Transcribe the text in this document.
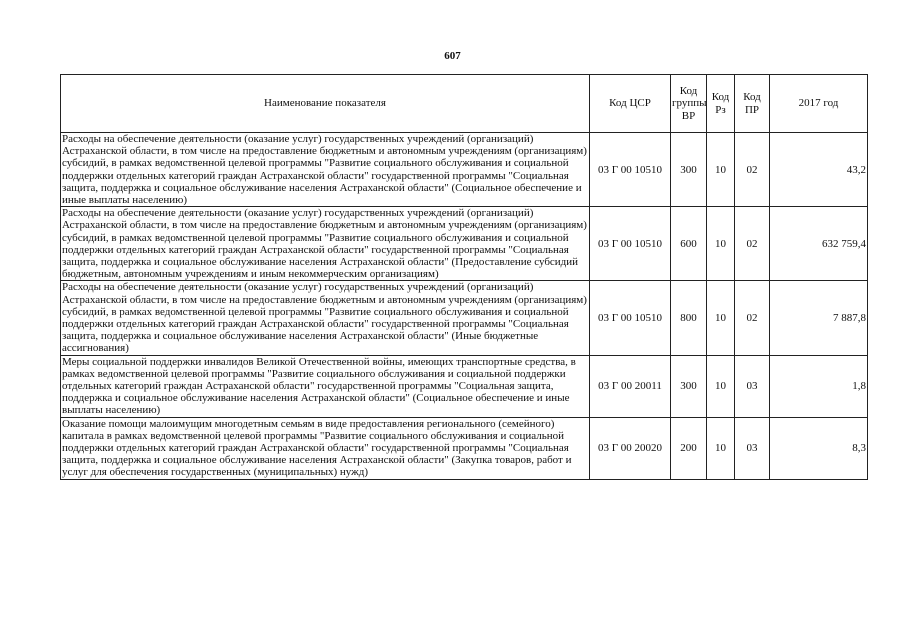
607
Наименование показателя	Код ЦСР	Код группы ВР	Код Рз	Код ПР	2017 год
Расходы на обеспечение деятельности (оказание услуг) государственных учреждений (организаций) Астраханской области, в том числе на предоставление бюджетным и автономным учреждениям (организациям) субсидий, в рамках ведомственной целевой программы "Развитие социального обслуживания и социальной поддержки отдельных категорий граждан Астраханской области" государственной программы "Социальная защита, поддержка и социальное обслуживание населения Астраханской области" (Социальное обеспечение и иные выплаты населению)	03 Г 00 10510	300	10	02	43,2
Расходы на обеспечение деятельности (оказание услуг) государственных учреждений (организаций) Астраханской области, в том числе на предоставление бюджетным и автономным учреждениям (организациям) субсидий, в рамках ведомственной целевой программы "Развитие социального обслуживания и социальной поддержки отдельных категорий граждан Астраханской области" государственной программы "Социальная защита, поддержка и социальное обслуживание населения Астраханской области" (Предоставление субсидий бюджетным, автономным учреждениям и иным некоммерческим организациям)	03 Г 00 10510	600	10	02	632 759,4
Расходы на обеспечение деятельности (оказание услуг) государственных учреждений (организаций) Астраханской области, в том числе на предоставление бюджетным и автономным учреждениям (организациям) субсидий, в рамках ведомственной целевой программы "Развитие социального обслуживания и социальной поддержки отдельных категорий граждан Астраханской области" государственной программы "Социальная защита, поддержка и социальное обслуживание населения Астраханской области" (Иные бюджетные ассигнования)	03 Г 00 10510	800	10	02	7 887,8
Меры социальной поддержки инвалидов Великой Отечественной войны, имеющих транспортные средства, в рамках ведомственной целевой программы "Развитие социального обслуживания и социальной поддержки отдельных категорий граждан Астраханской области" государственной программы "Социальная защита, поддержка и социальное обслуживание населения Астраханской области" (Социальное обеспечение и иные выплаты населению)	03 Г 00 20011	300	10	03	1,8
Оказание помощи малоимущим многодетным семьям в виде предоставления регионального (семейного) капитала в рамках ведомственной целевой программы "Развитие социального обслуживания и социальной поддержки отдельных категорий граждан Астраханской области" государственной программы "Социальная защита, поддержка и социальное обслуживание населения Астраханской области" (Закупка товаров, работ и услуг для обеспечения государственных (муниципальных) нужд)	03 Г 00 20020	200	10	03	8,3
